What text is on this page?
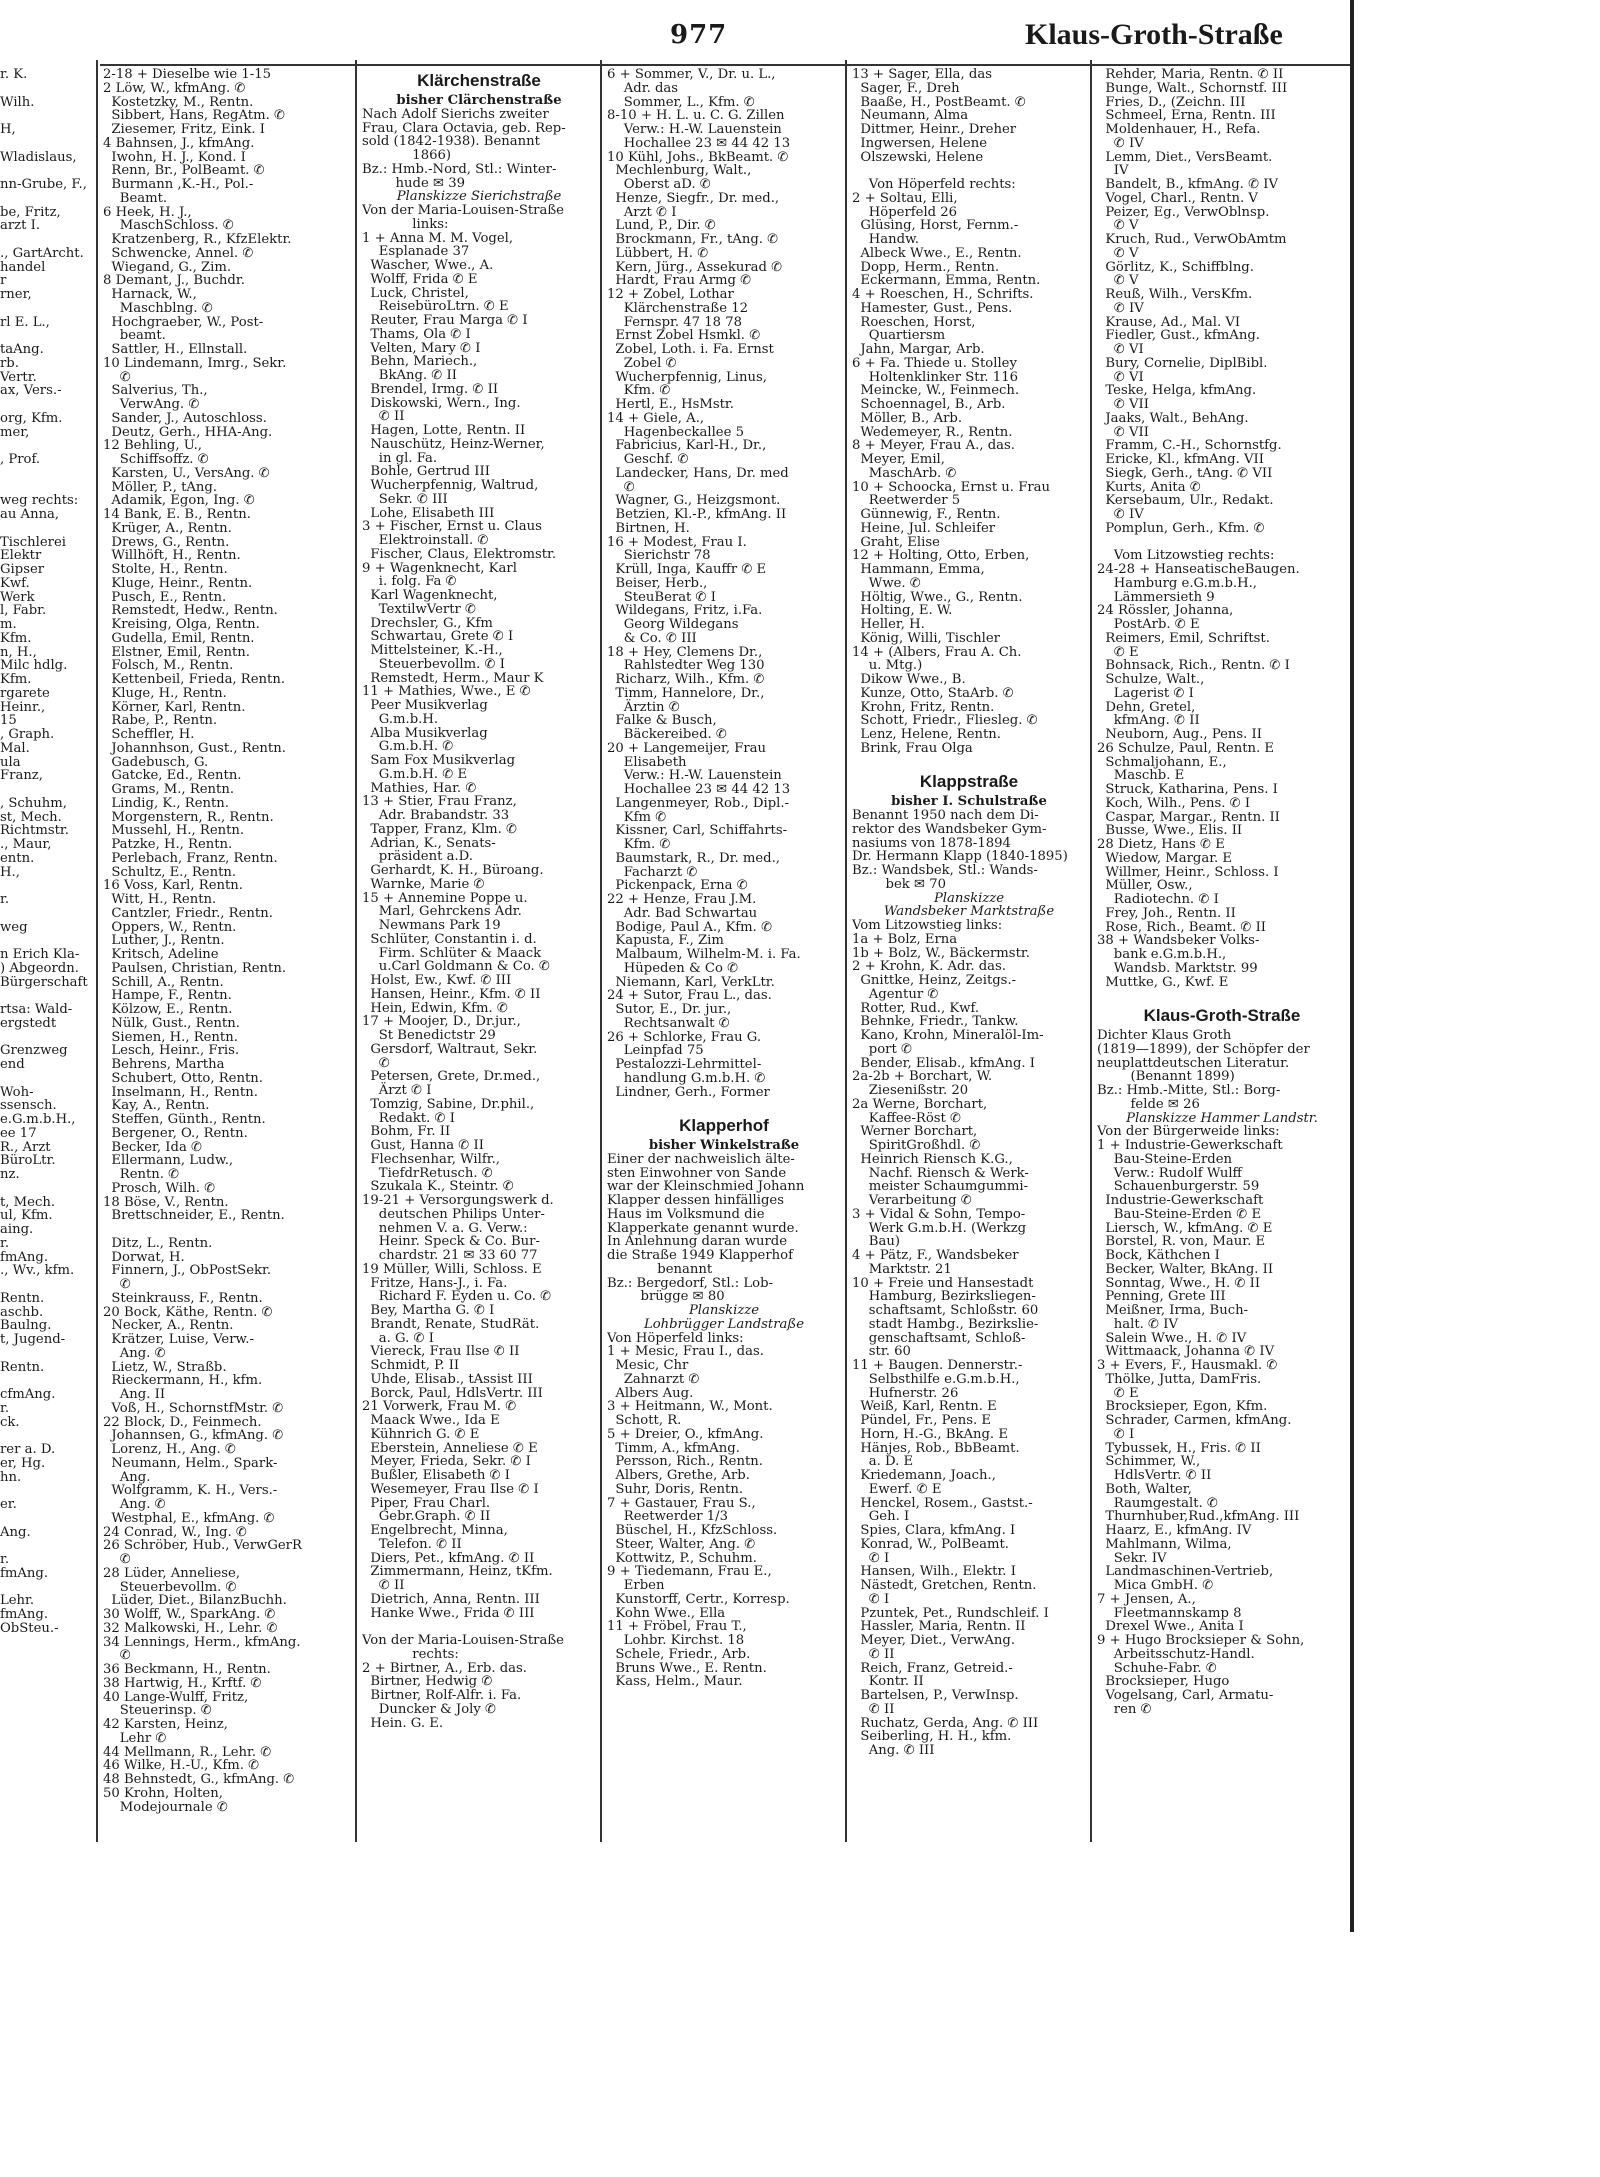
977	Klaus-Groth-Straße
r. K.

Wilh.

H,

Wladislaus,

nn-Grube, F.,

be, Fritz,
arzt I.

., GartArcht.
handel
r
rner,

rl E. L.,

taAng.
rb.
Vertr.
ax, Vers.-

org, Kfm.
mer,

, Prof.

weg rechts:
au Anna,

Tischlerei
Elektr
Gipser
Kwf.
Werk
l, Fabr.
m.
Kfm.
n, H.,
Milc hdlg.
Kfm.
rgarete
Heinr.,
15
, Graph.
Mal.
ula
Franz,

, Schuhm,
st, Mech.
Richtmstr.
., Maur,
entn.
H.,

r.

weg

n Erich Kla-
) Abgeordn.
Bürgerschaft

rtsa: Wald-
ergstedt

Grenzweg
end

Woh-
ssensch.
e.G.m.b.H.,
ee 17
R., Arzt
BüroLtr.
nz.

t, Mech.
ul, Kfm.
aing.
r.
fmAng.
., Wv., kfm.

Rentn.
aschb.
Baulng.
t, Jugend-

Rentn.

cfmAng.
r.
ck.

rer a. D.
er, Hg.
hn.

er.

Ang.

r.
fmAng.

Lehr.
fmAng.
ObSteu.-
2-18 + Dieselbe wie 1-15
2 Löw, W., kfmAng. ✆
Kostetzky, M., Rentn.
Sibbert, Hans, RegAtm. ✆
Ziesemer, Fritz, Eink. I
4 Bahnsen, J., kfmAng.
Iwohn, H. J., Kond. I
Renn, Br., PolBeamt. ✆
Burmann ,K.-H., Pol.-
Beamt.
6 Heek, H. J.,
MaschSchloss. ✆
Kratzenberg, R., KfzElektr.
Schwencke, Annel. ✆
Wiegand, G., Zim.
8 Demant, J., Buchdr.
Harnack, W.,
Maschblng. ✆
Hochgraeber, W., Post-
beamt.
Sattler, H., Ellnstall.
10 Lindemann, Imrg., Sekr.
✆
Salverius, Th.,
VerwAng. ✆
Sander, J., Autoschloss.
Deutz, Gerh., HHA-Ang.
12 Behling, U.,
Schiffsoffz. ✆
Karsten, U., VersAng. ✆
Möller, P., tAng.
Adamik, Egon, Ing. ✆
14 Bank, E. B., Rentn.
Krüger, A., Rentn.
Drews, G., Rentn.
Willhöft, H., Rentn.
Stolte, H., Rentn.
Kluge, Heinr., Rentn.
Pusch, E., Rentn.
Remstedt, Hedw., Rentn.
Kreising, Olga, Rentn.
Gudella, Emil, Rentn.
Elstner, Emil, Rentn.
Folsch, M., Rentn.
Kettenbeil, Frieda, Rentn.
Kluge, H., Rentn.
Körner, Karl, Rentn.
Rabe, P., Rentn.
Scheffler, H.
Johannhson, Gust., Rentn.
Gadebusch, G.
Gatcke, Ed., Rentn.
Grams, M., Rentn.
Lindig, K., Rentn.
Morgenstern, R., Rentn.
Mussehl, H., Rentn.
Patzke, H., Rentn.
Perlebach, Franz, Rentn.
Schultz, E., Rentn.
16 Voss, Karl, Rentn.
Witt, H., Rentn.
Cantzler, Friedr., Rentn.
Oppers, W., Rentn.
Luther, J., Rentn.
Kritsch, Adeline
Paulsen, Christian, Rentn.
Schill, A., Rentn.
Hampe, F., Rentn.
Kölzow, E., Rentn.
Nülk, Gust., Rentn.
Siemen, H., Rentn.
Lesch, Heinr., Fris.
Behrens, Martha
Schubert, Otto, Rentn.
Inselmann, H., Rentn.
Kay, A., Rentn.
Steffen, Günth., Rentn.
Bergener, O., Rentn.
Becker, Ida ✆
Ellermann, Ludw.,
Rentn. ✆
Prosch, Wilh. ✆
18 Böse, V., Rentn.
Brettschneider, E., Rentn.

Ditz, L., Rentn.
Dorwat, H.
Finnern, J., ObPostSekr.
✆
Steinkrauss, F., Rentn.
20 Bock, Käthe, Rentn. ✆
Necker, A., Rentn.
Krätzer, Luise, Verw.-
Ang. ✆
Lietz, W., Straßb.
Rieckermann, H., kfm.
Ang. II
Voß, H., SchornstfMstr. ✆
22 Block, D., Feinmech.
Johannsen, G., kfmAng. ✆
Lorenz, H., Ang. ✆
Neumann, Helm., Spark-
Ang.
Wolfgramm, K. H., Vers.-
Ang. ✆
Westphal, E., kfmAng. ✆
24 Conrad, W., Ing. ✆
26 Schröber, Hub., VerwGerR
✆
28 Lüder, Anneliese,
Steuerbevollm. ✆
Lüder, Diet., BilanzBuchh.
30 Wolff, W., SparkAng. ✆
32 Malkowski, H., Lehr. ✆
34 Lennings, Herm., kfmAng.
✆
36 Beckmann, H., Rentn.
38 Hartwig, H., Krftf. ✆
40 Lange-Wulff, Fritz,
Steuerinsp. ✆
42 Karsten, Heinz,
Lehr ✆
44 Mellmann, R., Lehr. ✆
46 Wilke, H.-U., Kfm. ✆
48 Behnstedt, G., kfmAng. ✆
50 Krohn, Holten,
Modejournale ✆
Klärchenstraße
bisher Clärchenstraße
Nach Adolf Sierichs zweiter
Frau, Clara Octavia, geb. Rep-
sold (1842-1938). Benannt
1866)
Bz.: Hmb.-Nord, Stl.: Winter-
hude ✉ 39
Planskizze Sierichstraße
Von der Maria-Louisen-Straße
links:
1 + Anna M. M. Vogel,
Esplanade 37
Wascher, Wwe., A.
Wolff, Frida ✆ E
Luck, Christel,
ReisebüroLtrn. ✆ E
Reuter, Frau Marga ✆ I
Thams, Ola ✆ I
Velten, Mary ✆ I
Behn, Mariech.,
BkAng. ✆ II
Brendel, Irmg. ✆ II
Diskowski, Wern., Ing.
✆ II
Hagen, Lotte, Rentn. II
Nauschütz, Heinz-Werner,
in gl. Fa.
Bohle, Gertrud III
Wucherpfennig, Waltrud,
Sekr. ✆ III
Lohe, Elisabeth III
3 + Fischer, Ernst u. Claus
Elektroinstall. ✆
Fischer, Claus, Elektromstr.
9 + Wagenknecht, Karl
i. folg. Fa ✆
Karl Wagenknecht,
TextilwVertr ✆
Drechsler, G., Kfm
Schwartau, Grete ✆ I
Mittelsteiner, K.-H.,
Steuerbevollm. ✆ I
Remstedt, Herm., Maur K
11 + Mathies, Wwe., E ✆
Peer Musikverlag
G.m.b.H.
Alba Musikverlag
G.m.b.H. ✆
Sam Fox Musikverlag
G.m.b.H. ✆ E
Mathies, Har. ✆
13 + Stier, Frau Franz,
Adr. Brabandstr. 33
Tapper, Franz, Klm. ✆
Adrian, K., Senats-
präsident a.D.
Gerhardt, K. H., Büroang.
Warnke, Marie ✆
15 + Annemine Poppe u.
Marl, Gehrckens Adr.
Newmans Park 19
Schlüter, Constantin i. d.
Firm. Schlüter & Maack
u.Carl Goldmann & Co. ✆
Holst, Ew., Kwf. ✆ III
Hansen, Heinr., Kfm. ✆ II
Hein, Edwin, Kfm. ✆
17 + Moojer, D., Dr.jur.,
St Benedictstr 29
Gersdorf, Waltraut, Sekr.
✆
Petersen, Grete, Dr.med.,
Ärzt ✆ I
Tomzig, Sabine, Dr.phil.,
Redakt. ✆ I
Bohm, Fr. II
Gust, Hanna ✆ II
Flechsenhar, Wilfr.,
TiefdrRetusch. ✆
Szukala K., Steintr. ✆
19-21 + Versorgungswerk d.
deutschen Philips Unter-
nehmen V. a. G. Verw.:
Heinr. Speck & Co. Bur-
chardstr. 21 ✉ 33 60 77
19 Müller, Willi, Schloss. E
Fritze, Hans-J., i. Fa.
Richard F. Eyden u. Co. ✆
Bey, Martha G. ✆ I
Brandt, Renate, StudRät.
a. G. ✆ I
Viereck, Frau Ilse ✆ II
Schmidt, P. II
Uhde, Elisab., tAssist III
Borck, Paul, HdlsVertr. III
21 Vorwerk, Frau M. ✆
Maack Wwe., Ida E
Kühnrich G. ✆ E
Eberstein, Anneliese ✆ E
Meyer, Frieda, Sekr. ✆ I
Bußler, Elisabeth ✆ I
Wesemeyer, Frau Ilse ✆ I
Piper, Frau Charl.
Gebr.Graph. ✆ II
Engelbrecht, Minna,
Telefon. ✆ II
Diers, Pet., kfmAng. ✆ II
Zimmermann, Heinz, tKfm.
✆ II
Dietrich, Anna, Rentn. III
Hanke Wwe., Frida ✆ III

Von der Maria-Louisen-Straße
rechts:
2 + Birtner, A., Erb. das.
Birtner, Hedwig ✆
Birtner, Rolf-Alfr. i. Fa.
Duncker & Joly ✆
Hein. G. E.
6 + Sommer, V., Dr. u. L.,
Adr. das
Sommer, L., Kfm. ✆
8-10 + H. L. u. C. G. Zillen
Verw.: H.-W. Lauenstein
Hochallee 23 ✉ 44 42 13
10 Kühl, Johs., BkBeamt. ✆
Mechlenburg, Walt.,
Oberst aD. ✆
Henze, Siegfr., Dr. med.,
Arzt ✆ I
Lund, P., Dir. ✆
Brockmann, Fr., tAng. ✆
Lübbert, H. ✆
Kern, Jürg., Assekurad ✆
Hardt, Frau Armg ✆
12 + Zobel, Lothar
Klärchenstraße 12
Fernspr. 47 18 78
Ernst Zobel Hsmkl. ✆
Zobel, Loth. i. Fa. Ernst
Zobel ✆
Wucherpfennig, Linus,
Kfm. ✆
Hertl, E., HsMstr.
14 + Giele, A.,
Hagenbeckallee 5
Fabricius, Karl-H., Dr.,
Geschf. ✆
Landecker, Hans, Dr. med
✆
Wagner, G., Heizgsmont.
Betzien, Kl.-P., kfmAng. II
Birtnen, H.
16 + Modest, Frau I.
Sierichstr 78
Krüll, Inga, Kauffr ✆ E
Beiser, Herb.,
SteuBerat ✆ I
Wildegans, Fritz, i.Fa.
Georg Wildegans
& Co. ✆ III
18 + Hey, Clemens Dr.,
Rahlstedter Weg 130
Richarz, Wilh., Kfm. ✆
Timm, Hannelore, Dr.,
Ärztin ✆
Falke & Busch,
Bäckereibed. ✆
20 + Langemeijer, Frau
Elisabeth
Verw.: H.-W. Lauenstein
Hochallee 23 ✉ 44 42 13
Langenmeyer, Rob., Dipl.-
Kfm ✆
Kissner, Carl, Schiffahrts-
Kfm. ✆
Baumstark, R., Dr. med.,
Facharzt ✆
Pickenpack, Erna ✆
22 + Henze, Frau J.M.
Adr. Bad Schwartau
Bodige, Paul A., Kfm. ✆
Kapusta, F., Zim
Malbaum, Wilhelm-M. i. Fa.
Hüpeden & Co ✆
Niemann, Karl, VerkLtr.
24 + Sutor, Frau L., das.
Sutor, E., Dr. jur.,
Rechtsanwalt ✆
26 + Schlorke, Frau G.
Leinpfad 75
Pestalozzi-Lehrmittel-
handlung G.m.b.H. ✆
Lindner, Gerh., Former

Klapperhof
bisher Winkelstraße
Einer der nachweislich älte-
sten Einwohner von Sande
war der Kleinschmied Johann
Klapper dessen hinfälliges
Haus im Volksmund die
Klapperkate genannt wurde.
In Anlehnung daran wurde
die Straße 1949 Klapperhof
benannt
Bz.: Bergedorf, Stl.: Lob-
brügge ✉ 80
Planskizze
Lohbrügger Landstraße
Von Höperfeld links:
1 + Mesic, Frau I., das.
Mesic, Chr
Zahnarzt ✆
Albers Aug.
3 + Heitmann, W., Mont.
Schott, R.
5 + Dreier, O., kfmAng.
Timm, A., kfmAng.
Persson, Rich., Rentn.
Albers, Grethe, Arb.
Suhr, Doris, Rentn.
7 + Gastauer, Frau S.,
Reetwerder 1/3
Büschel, H., KfzSchloss.
Steer, Walter, Ang. ✆
Kottwitz, P., Schuhm.
9 + Tiedemann, Frau E.,
Erben
Kunstorff, Certr., Korresp.
Kohn Wwe., Ella
11 + Fröbel, Frau T.,
Lohbr. Kirchst. 18
Schele, Friedr., Arb.
Bruns Wwe., E. Rentn.
Kass, Helm., Maur.
13 + Sager, Ella, das
Sager, F., Dreh
Baaße, H., PostBeamt. ✆
Neumann, Alma
Dittmer, Heinr., Dreher
Ingwersen, Helene
Olszewski, Helene

Von Höperfeld rechts:
2 + Soltau, Elli,
Höperfeld 26
Glüsing, Horst, Fernm.-
Handw.
Albeck Wwe., E., Rentn.
Dopp, Herm., Rentn.
Eckermann, Emma, Rentn.
4 + Roeschen, H., Schrifts.
Hamester, Gust., Pens.
Roeschen, Horst,
Quartiersm
Jahn, Margar, Arb.
6 + Fa. Thiede u. Stolley
Holtenklinker Str. 116
Meincke, W., Feinmech.
Schoennagel, B., Arb.
Möller, B., Arb.
Wedemeyer, R., Rentn.
8 + Meyer, Frau A., das.
Meyer, Emil,
MaschArb. ✆
10 + Schoocka, Ernst u. Frau
Reetwerder 5
Günnewig, F., Rentn.
Heine, Jul. Schleifer
Graht, Elise
12 + Holting, Otto, Erben,
Hammann, Emma,
Wwe. ✆
Höltig, Wwe., G., Rentn.
Holting, E. W.
Heller, H.
König, Willi, Tischler
14 + (Albers, Frau A. Ch.
u. Mtg.)
Dikow Wwe., B.
Kunze, Otto, StaArb. ✆
Krohn, Fritz, Rentn.
Schott, Friedr., Fliesleg. ✆
Lenz, Helene, Rentn.
Brink, Frau Olga

Klappstraße
bisher I. Schulstraße
Benannt 1950 nach dem Di-
rektor des Wandsbeker Gym-
nasiums von 1878-1894
Dr. Hermann Klapp (1840-1895)
Bz.: Wandsbek, Stl.: Wands-
bek ✉ 70
Planskizze
Wandsbeker Marktstraße
Vom Litzowstieg links:
1a + Bolz, Erna
1b + Bolz, W., Bäckermstr.
2 + Krohn, K. Adr. das.
Gnittke, Heinz, Zeitgs.-
Agentur ✆
Rotter, Rud., Kwf.
Behnke, Friedr., Tankw.
Kano, Krohn, Mineralöl-Im-
port ✆
Bender, Elisab., kfmAng. I
2a-2b + Borchart, W.
Ziesenißstr. 20
2a Werne, Borchart,
Kaffee-Röst ✆
Werner Borchart,
SpiritGroßhdl. ✆
Heinrich Riensch K.G.,
Nachf. Riensch & Werk-
meister Schaumgummi-
Verarbeitung ✆
3 + Vidal & Sohn, Tempo-
Werk G.m.b.H. (Werkzg
Bau)
4 + Pätz, F., Wandsbeker
Marktstr. 21
10 + Freie und Hansestadt
Hamburg, Bezirksliegen-
schaftsamt, Schloßstr. 60
stadt Hambg., Bezirkslie-
genschaftsamt, Schloß-
str. 60
11 + Baugen. Dennerstr.-
Selbsthilfe e.G.m.b.H.,
Hufnerstr. 26
Weiß, Karl, Rentn. E
Pündel, Fr., Pens. E
Horn, H.-G., BkAng. E
Hänjes, Rob., BbBeamt.
a. D. E
Kriedemann, Joach.,
Ewerf. ✆ E
Henckel, Rosem., Gastst.-
Geh. I
Spies, Clara, kfmAng. I
Konrad, W., PolBeamt.
✆ I
Hansen, Wilh., Elektr. I
Nästedt, Gretchen, Rentn.
✆ I
Pzuntek, Pet., Rundschleif. I
Hassler, Maria, Rentn. II
Meyer, Diet., VerwAng.
✆ II
Reich, Franz, Getreid.-
Kontr. II
Bartelsen, P., VerwInsp.
✆ II
Ruchatz, Gerda, Ang. ✆ III
Seiberling, H. H., kfm.
Ang. ✆ III
Rehder, Maria, Rentn. ✆ II
Bunge, Walt., Schornstf. III
Fries, D., (Zeichn. III
Schmeel, Erna, Rentn. III
Moldenhauer, H., Refa.
✆ IV
Lemm, Diet., VersBeamt.
IV
Bandelt, B., kfmAng. ✆ IV
Vogel, Charl., Rentn. V
Peizer, Eg., VerwOblnsp.
✆ V
Kruch, Rud., VerwObAmtm
✆ V
Görlitz, K., Schiffblng.
✆ V
Reuß, Wilh., VersKfm.
✆ IV
Krause, Ad., Mal. VI
Fiedler, Gust., kfmAng.
✆ VI
Bury, Cornelie, DiplBibl.
✆ VI
Teske, Helga, kfmAng.
✆ VII
Jaaks, Walt., BehAng.
✆ VII
Framm, C.-H., Schornstfg.
Ericke, Kl., kfmAng. VII
Siegk, Gerh., tAng. ✆ VII
Kurts, Anita ✆
Kersebaum, Ulr., Redakt.
✆ IV
Pomplun, Gerh., Kfm. ✆

Vom Litzowstieg rechts:
24-28 + HanseatischeBaugen.
Hamburg e.G.m.b.H.,
Lämmersieth 9
24 Rössler, Johanna,
PostArb. ✆ E
Reimers, Emil, Schriftst.
✆ E
Bohnsack, Rich., Rentn. ✆ I
Schulze, Walt.,
Lagerist ✆ I
Dehn, Gretel,
kfmAng. ✆ II
Neuborn, Aug., Pens. II
26 Schulze, Paul, Rentn. E
Schmaljohann, E.,
Maschb. E
Struck, Katharina, Pens. I
Koch, Wilh., Pens. ✆ I
Caspar, Margar., Rentn. II
Busse, Wwe., Elis. II
28 Dietz, Hans ✆ E
Wiedow, Margar. E
Willmer, Heinr., Schloss. I
Müller, Osw.,
Radiotechn. ✆ I
Frey, Joh., Rentn. II
Rose, Rich., Beamt. ✆ II
38 + Wandsbeker Volks-
bank e.G.m.b.H.,
Wandsb. Marktstr. 99
Muttke, G., Kwf. E

Klaus-Groth-Straße
Dichter Klaus Groth
(1819—1899), der Schöpfer der
neuplattdeutschen Literatur.
(Benannt 1899)
Bz.: Hmb.-Mitte, Stl.: Borg-
felde ✉ 26
Planskizze Hammer Landstr.
Von der Bürgerweide links:
1 + Industrie-Gewerkschaft
Bau-Steine-Erden
Verw.: Rudolf Wulff
Schauenburgerstr. 59
Industrie-Gewerkschaft
Bau-Steine-Erden ✆ E
Liersch, W., kfmAng. ✆ E
Borstel, R. von, Maur. E
Bock, Käthchen I
Becker, Walter, BkAng. II
Sonntag, Wwe., H. ✆ II
Penning, Grete III
Meißner, Irma, Buch-
halt. ✆ IV
Salein Wwe., H. ✆ IV
Wittmaack, Johanna ✆ IV
3 + Evers, F., Hausmakl. ✆
Thölke, Jutta, DamFris.
✆ E
Brocksieper, Egon, Kfm.
Schrader, Carmen, kfmAng.
✆ I
Tybussek, H., Fris. ✆ II
Schimmer, W.,
HdlsVertr. ✆ II
Both, Walter,
Raumgestalt. ✆
Thurnhuber,Rud.,kfmAng. III
Haarz, E., kfmAng. IV
Mahlmann, Wilma,
Sekr. IV
Landmaschinen-Vertrieb,
Mica GmbH. ✆
7 + Jensen, A.,
Fleetmannskamp 8
Drexel Wwe., Anita I
9 + Hugo Brocksieper & Sohn,
Arbeitsschutz-Handl.
Schuhe-Fabr. ✆
Brocksieper, Hugo
Vogelsang, Carl, Armatu-
ren ✆
